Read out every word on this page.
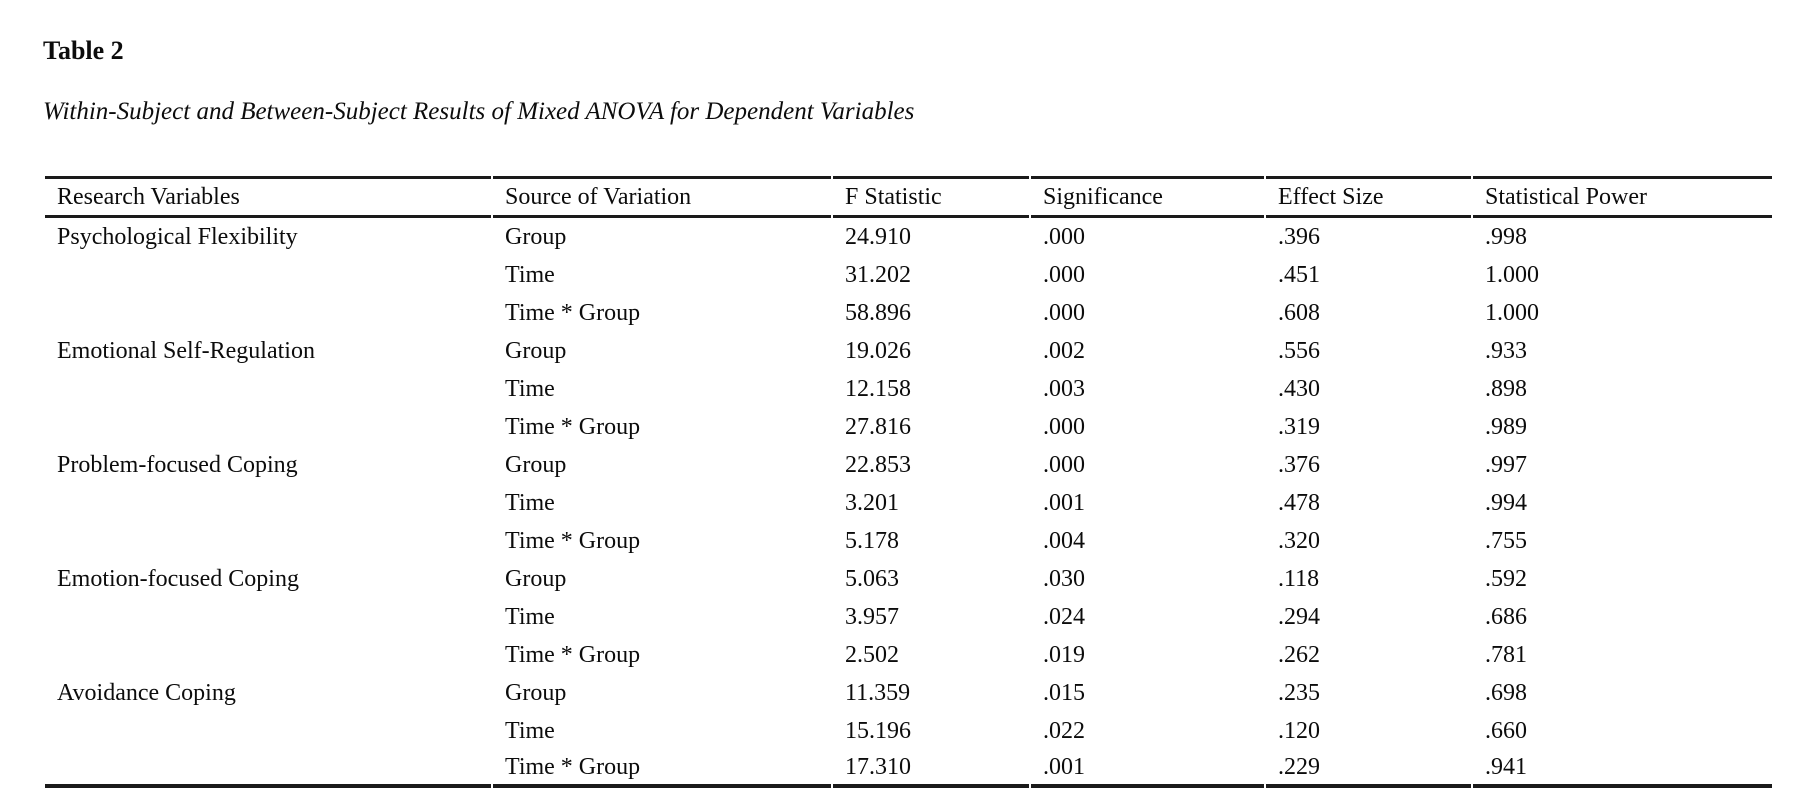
Table 2

Within-Subject and Between-Subject Results of Mixed ANOVA for Dependent Variables

Research Variables	Source of Variation	F Statistic	Significance	Effect Size	Statistical Power
Psychological Flexibility	Group	24.910	.000	.396	.998
	Time	31.202	.000	.451	1.000
	Time * Group	58.896	.000	.608	1.000
Emotional Self-Regulation	Group	19.026	.002	.556	.933
	Time	12.158	.003	.430	.898
	Time * Group	27.816	.000	.319	.989
Problem-focused Coping	Group	22.853	.000	.376	.997
	Time	3.201	.001	.478	.994
	Time * Group	5.178	.004	.320	.755
Emotion-focused Coping	Group	5.063	.030	.118	.592
	Time	3.957	.024	.294	.686
	Time * Group	2.502	.019	.262	.781
Avoidance Coping	Group	11.359	.015	.235	.698
	Time	15.196	.022	.120	.660
	Time * Group	17.310	.001	.229	.941
